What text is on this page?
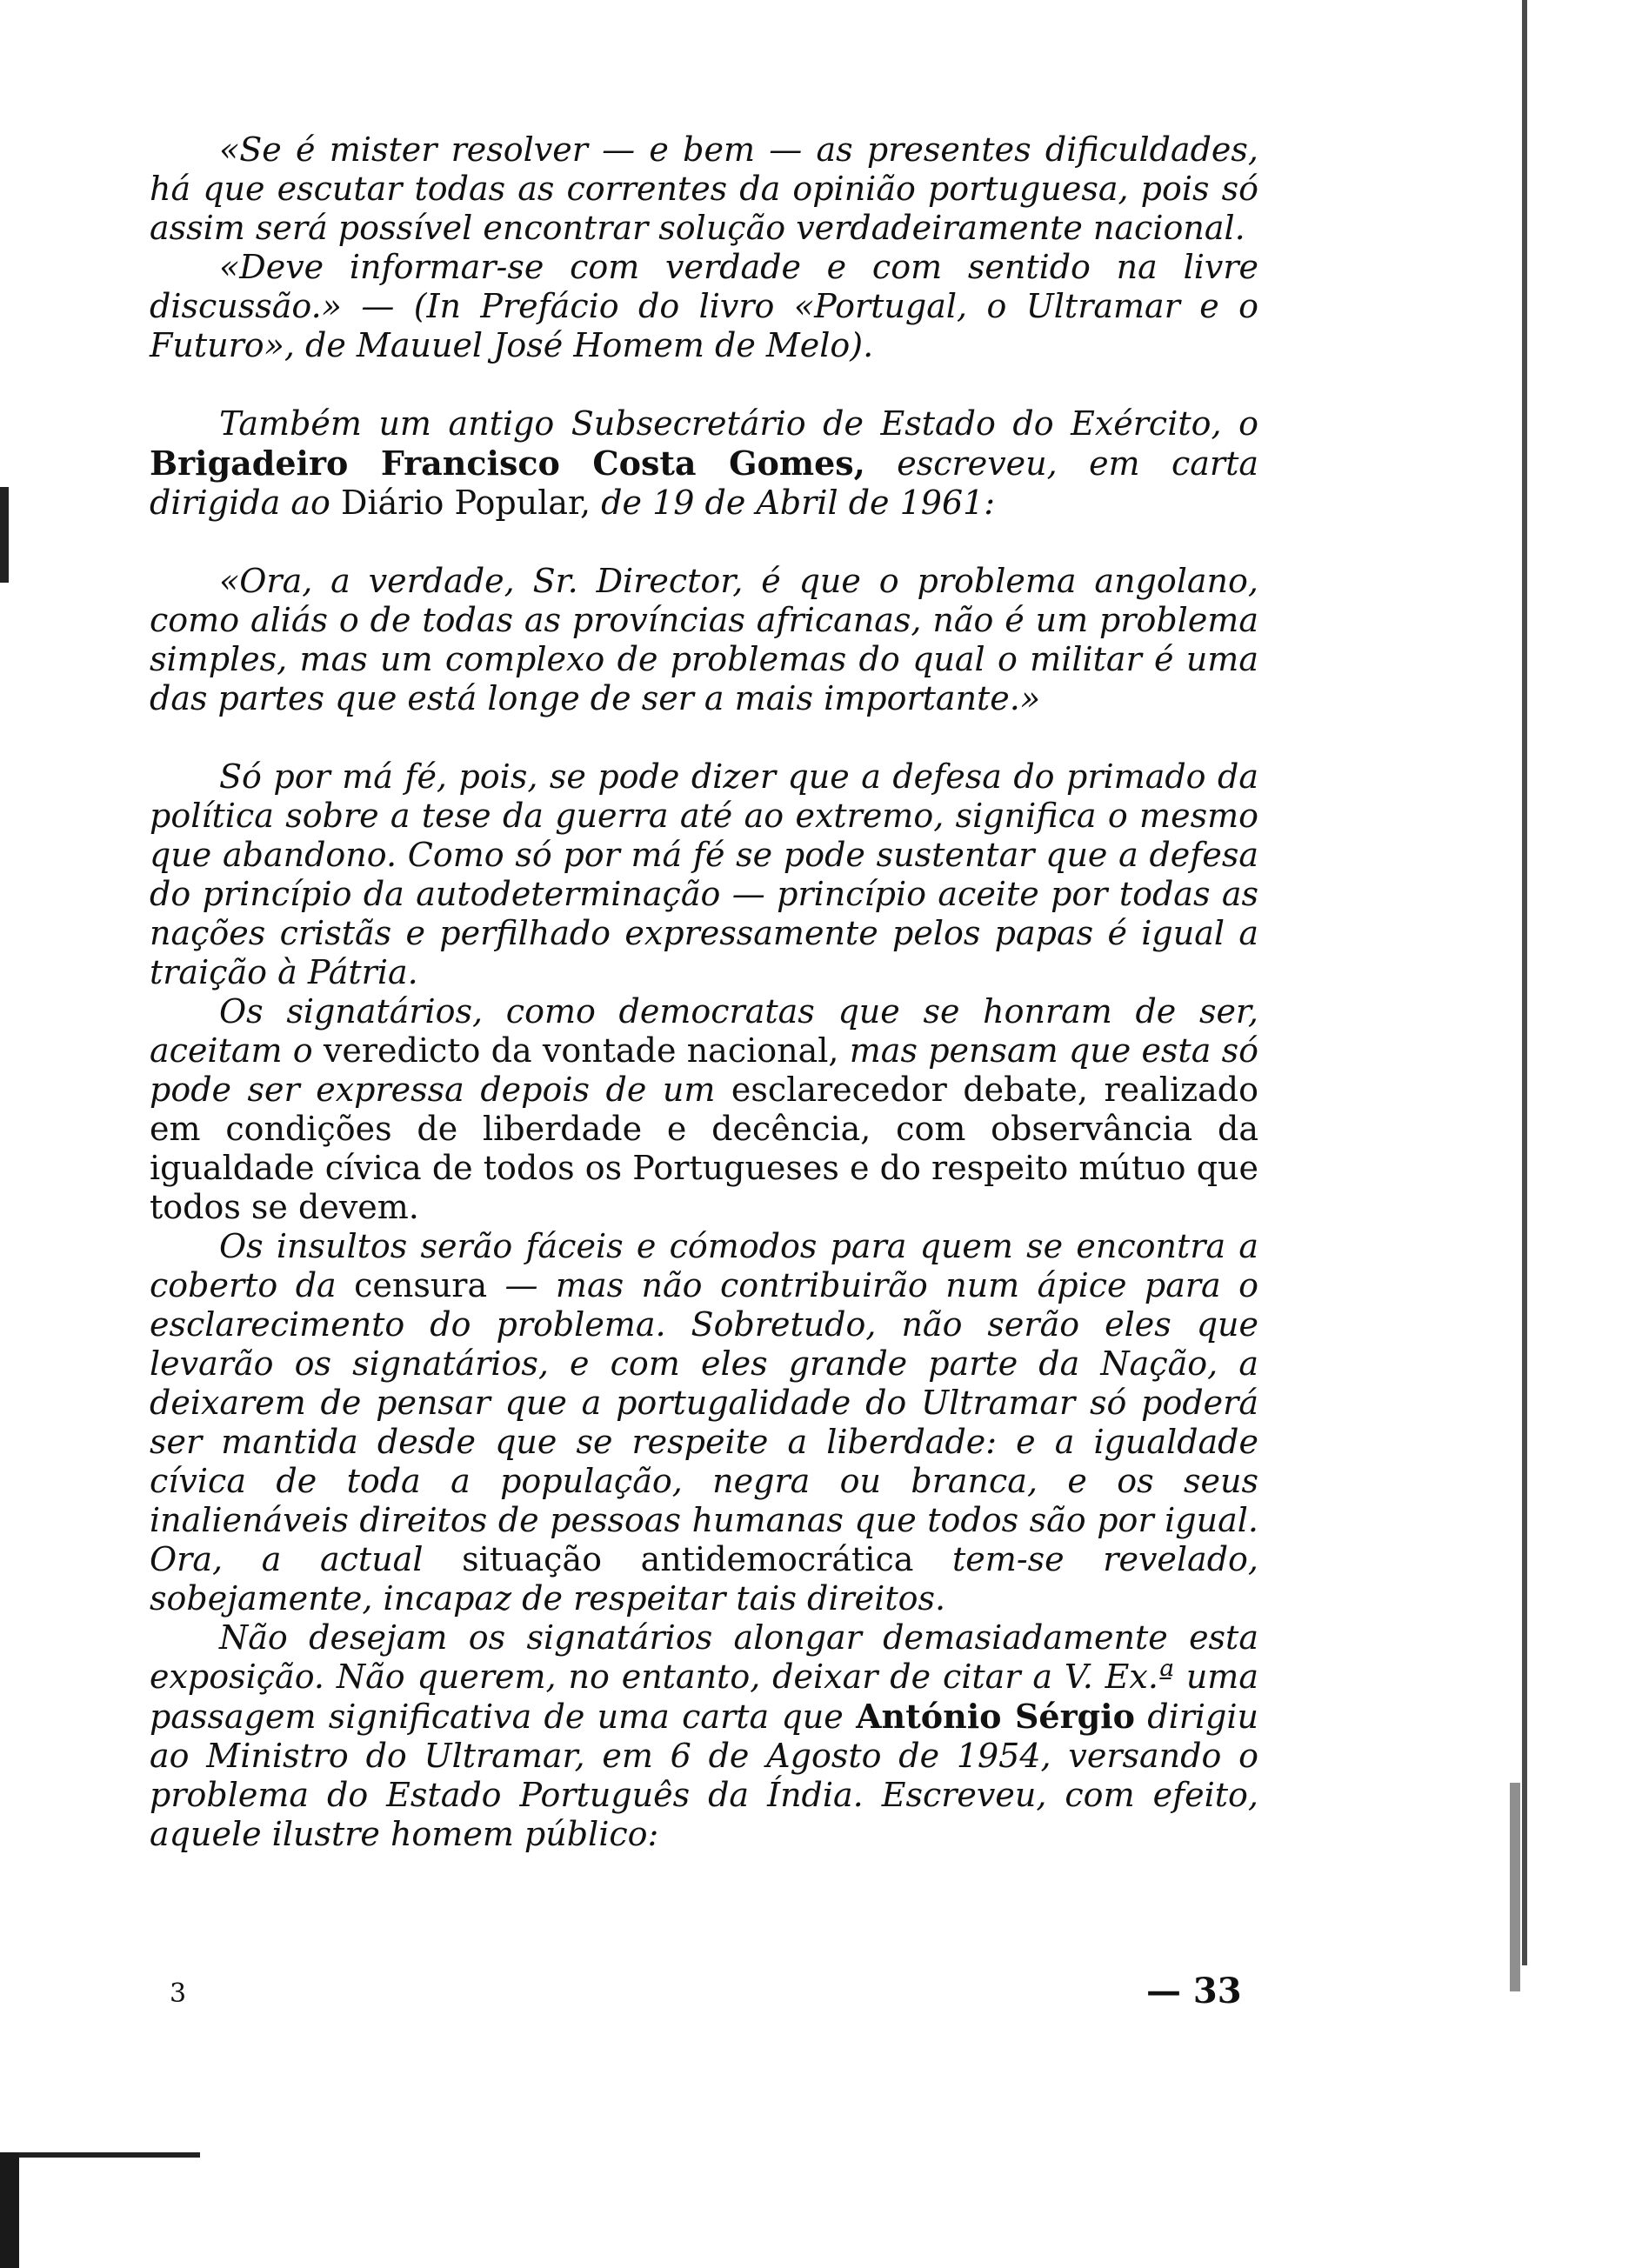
«Se é mister resolver — e bem — as presentes dificuldades, há que escutar todas as correntes da opinião portuguesa, pois só assim será possível encontrar solução verdadeiramente nacional.

«Deve informar-se com verdade e com sentido na livre discussão.» — (In Prefácio do livro «Portugal, o Ultramar e o Futuro», de Mauuel José Homem de Melo).

Também um antigo Subsecretário de Estado do Exército, o Brigadeiro Francisco Costa Gomes, escreveu, em carta dirigida ao Diário Popular, de 19 de Abril de 1961:

«Ora, a verdade, Sr. Director, é que o problema angolano, como aliás o de todas as províncias africanas, não é um problema simples, mas um complexo de problemas do qual o militar é uma das partes que está longe de ser a mais importante.»

Só por má fé, pois, se pode dizer que a defesa do primado da política sobre a tese da guerra até ao extremo, significa o mesmo que abandono. Como só por má fé se pode sustentar que a defesa do princípio da autodeterminação — princípio aceite por todas as nações cristãs e perfilhado expressamente pelos papas é igual a traição à Pátria.

Os signatários, como democratas que se honram de ser, aceitam o veredicto da vontade nacional, mas pensam que esta só pode ser expressa depois de um esclarecedor debate, realizado em condições de liberdade e decência, com observância da igualdade cívica de todos os Portugueses e do respeito mútuo que todos se devem.

Os insultos serão fáceis e cómodos para quem se encontra a coberto da censura — mas não contribuirão num ápice para o esclarecimento do problema. Sobretudo, não serão eles que levarão os signatários, e com eles grande parte da Nação, a deixarem de pensar que a portugalidade do Ultramar só poderá ser mantida desde que se respeite a liberdade: e a igualdade cívica de toda a população, negra ou branca, e os seus inalienáveis direitos de pessoas humanas que todos são por igual. Ora, a actual situação antidemocrática tem-se revelado, sobejamente, incapaz de respeitar tais direitos.

Não desejam os signatários alongar demasiadamente esta exposição. Não querem, no entanto, deixar de citar a V. Ex.ª uma passagem significativa de uma carta que António Sérgio dirigiu ao Ministro do Ultramar, em 6 de Agosto de 1954, versando o problema do Estado Português da Índia. Escreveu, com efeito, aquele ilustre homem público:

3	— 33
